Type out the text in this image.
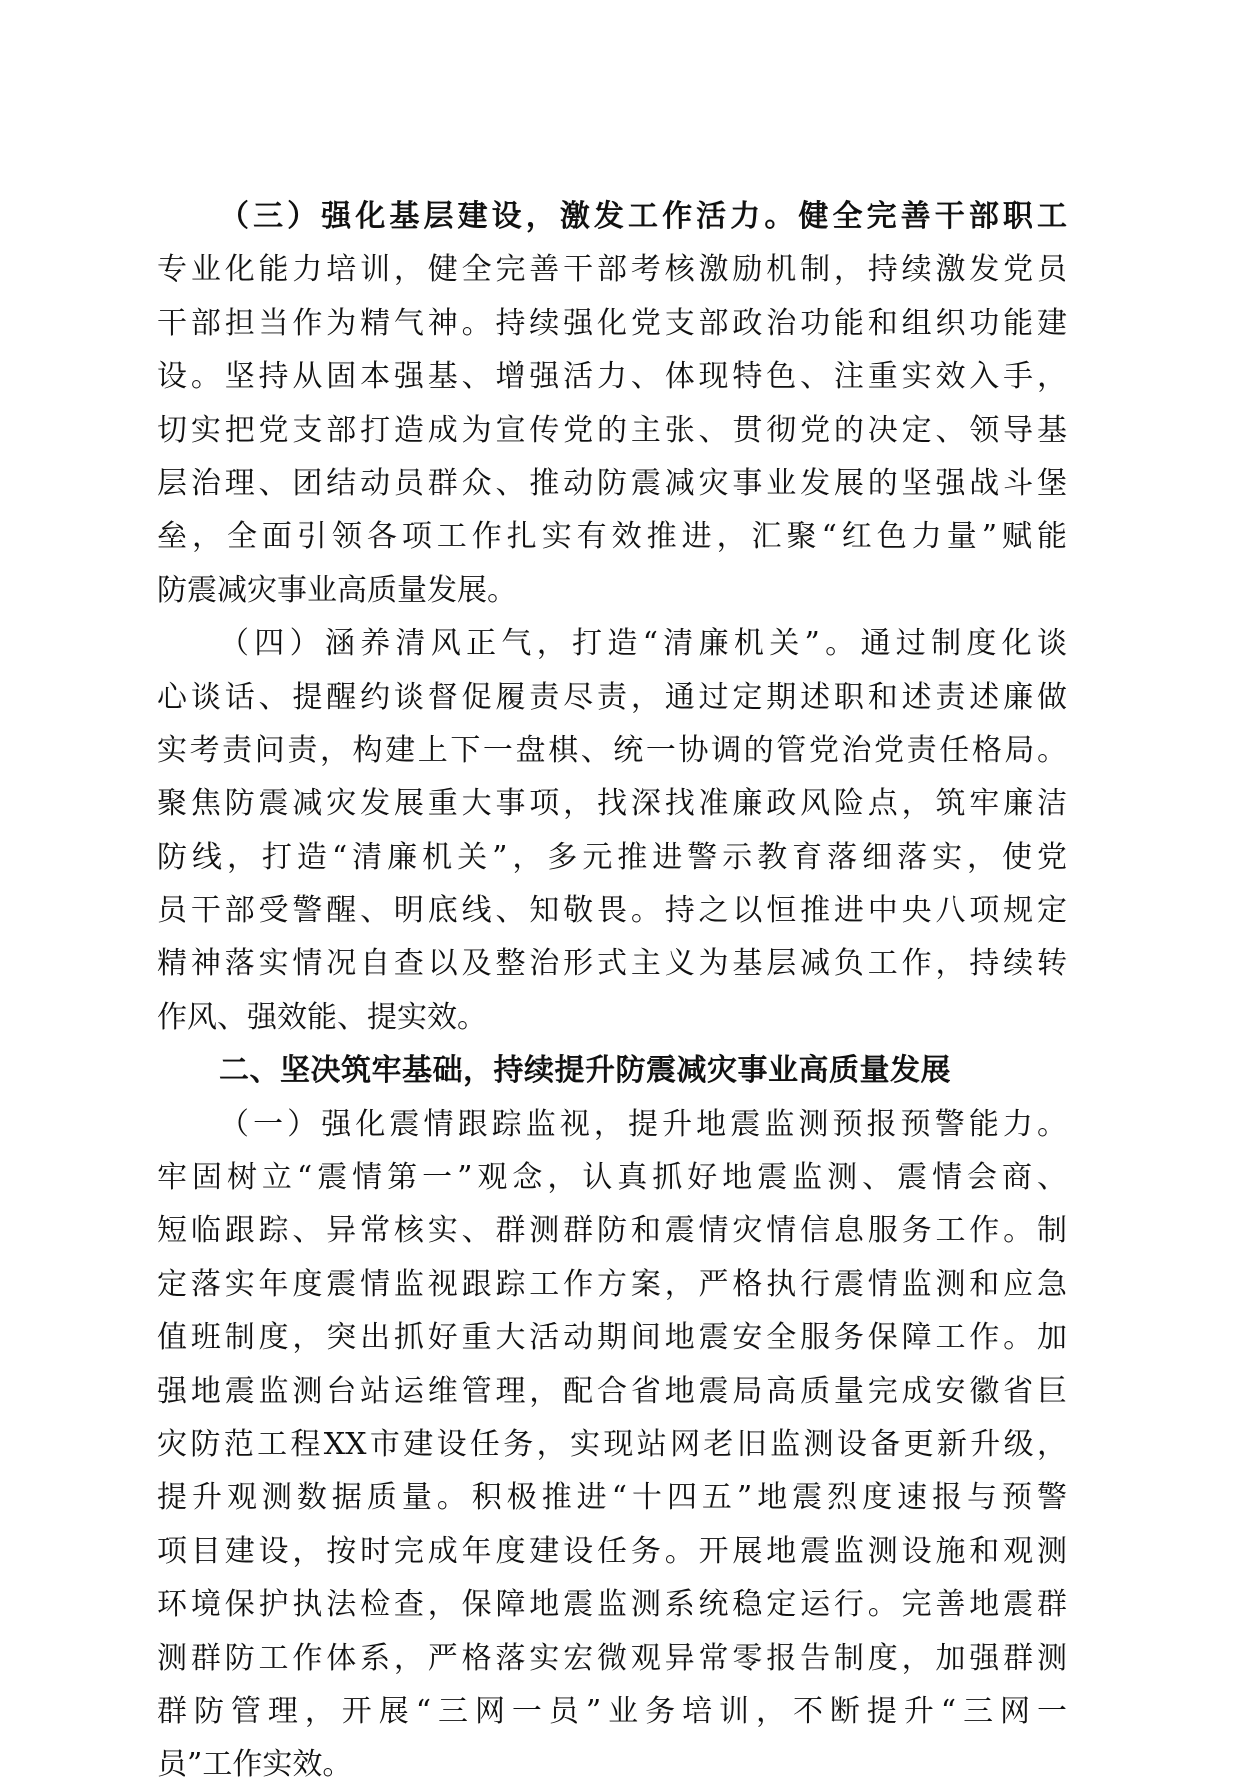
（三）强化基层建设，激发工作活力。健全完善干部职工
专业化能力培训，健全完善干部考核激励机制，持续激发党员
干部担当作为精气神。持续强化党支部政治功能和组织功能建
设。坚持从固本强基、增强活力、体现特色、注重实效入手，
切实把党支部打造成为宣传党的主张、贯彻党的决定、领导基
层治理、团结动员群众、推动防震减灾事业发展的坚强战斗堡
垒，全面引领各项工作扎实有效推进，汇聚“红色力量”赋能
防震减灾事业高质量发展。
（四）涵养清风正气，打造“清廉机关”。通过制度化谈
心谈话、提醒约谈督促履责尽责，通过定期述职和述责述廉做
实考责问责，构建上下一盘棋、统一协调的管党治党责任格局。
聚焦防震减灾发展重大事项，找深找准廉政风险点，筑牢廉洁
防线，打造“清廉机关”，多元推进警示教育落细落实，使党
员干部受警醒、明底线、知敬畏。持之以恒推进中央八项规定
精神落实情况自查以及整治形式主义为基层减负工作，持续转
作风、强效能、提实效。
二、坚决筑牢基础，持续提升防震减灾事业高质量发展
（一）强化震情跟踪监视，提升地震监测预报预警能力。
牢固树立“震情第一”观念，认真抓好地震监测、震情会商、
短临跟踪、异常核实、群测群防和震情灾情信息服务工作。制
定落实年度震情监视跟踪工作方案，严格执行震情监测和应急
值班制度，突出抓好重大活动期间地震安全服务保障工作。加
强地震监测台站运维管理，配合省地震局高质量完成安徽省巨
灾防范工程XX市建设任务，实现站网老旧监测设备更新升级，
提升观测数据质量。积极推进“十四五”地震烈度速报与预警
项目建设，按时完成年度建设任务。开展地震监测设施和观测
环境保护执法检查，保障地震监测系统稳定运行。完善地震群
测群防工作体系，严格落实宏微观异常零报告制度，加强群测
群防管理，开展“三网一员”业务培训，不断提升“三网一
员”工作实效。
